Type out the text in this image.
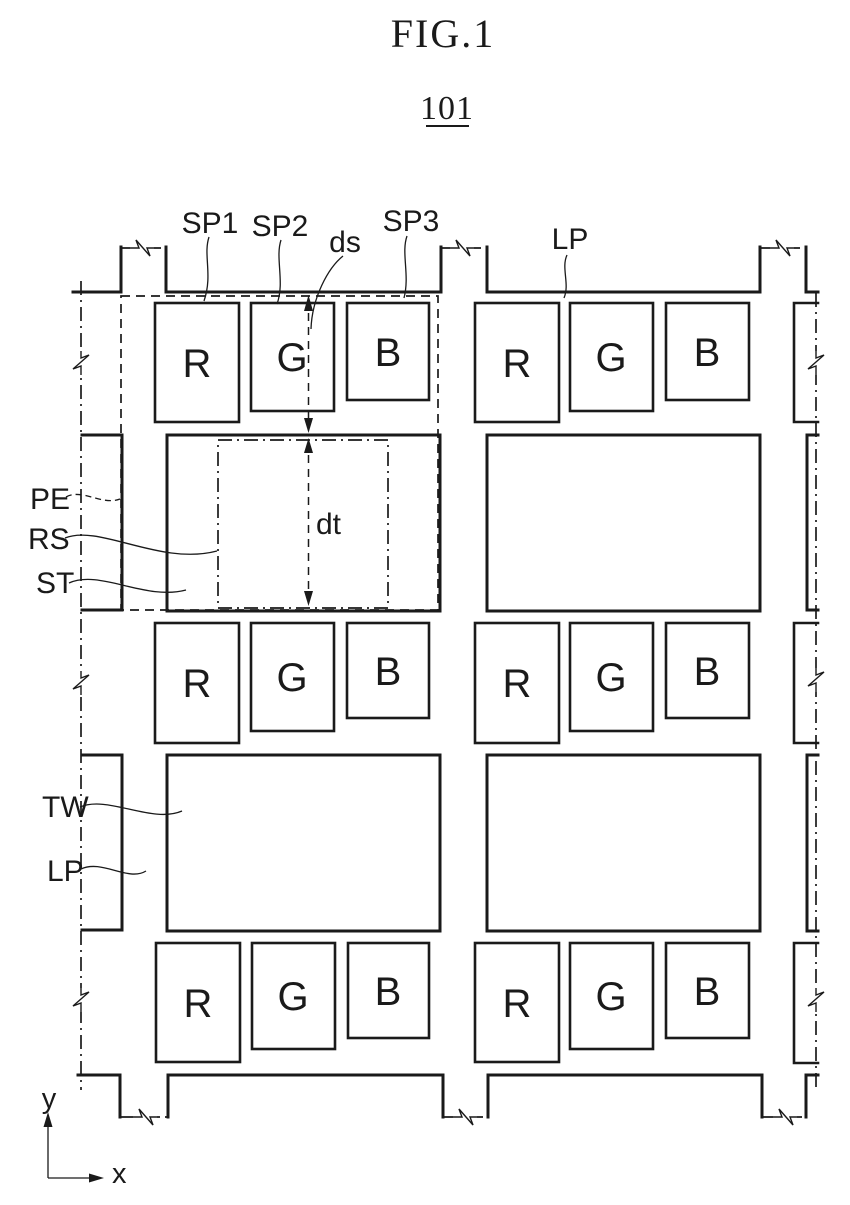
FIG.1
101
R G B	R G B
R G B	R G B
R G B	R G B
SP1 SP2 ds
SP3
LP
PE
RS
ST
dt
TW
LP
y
x
